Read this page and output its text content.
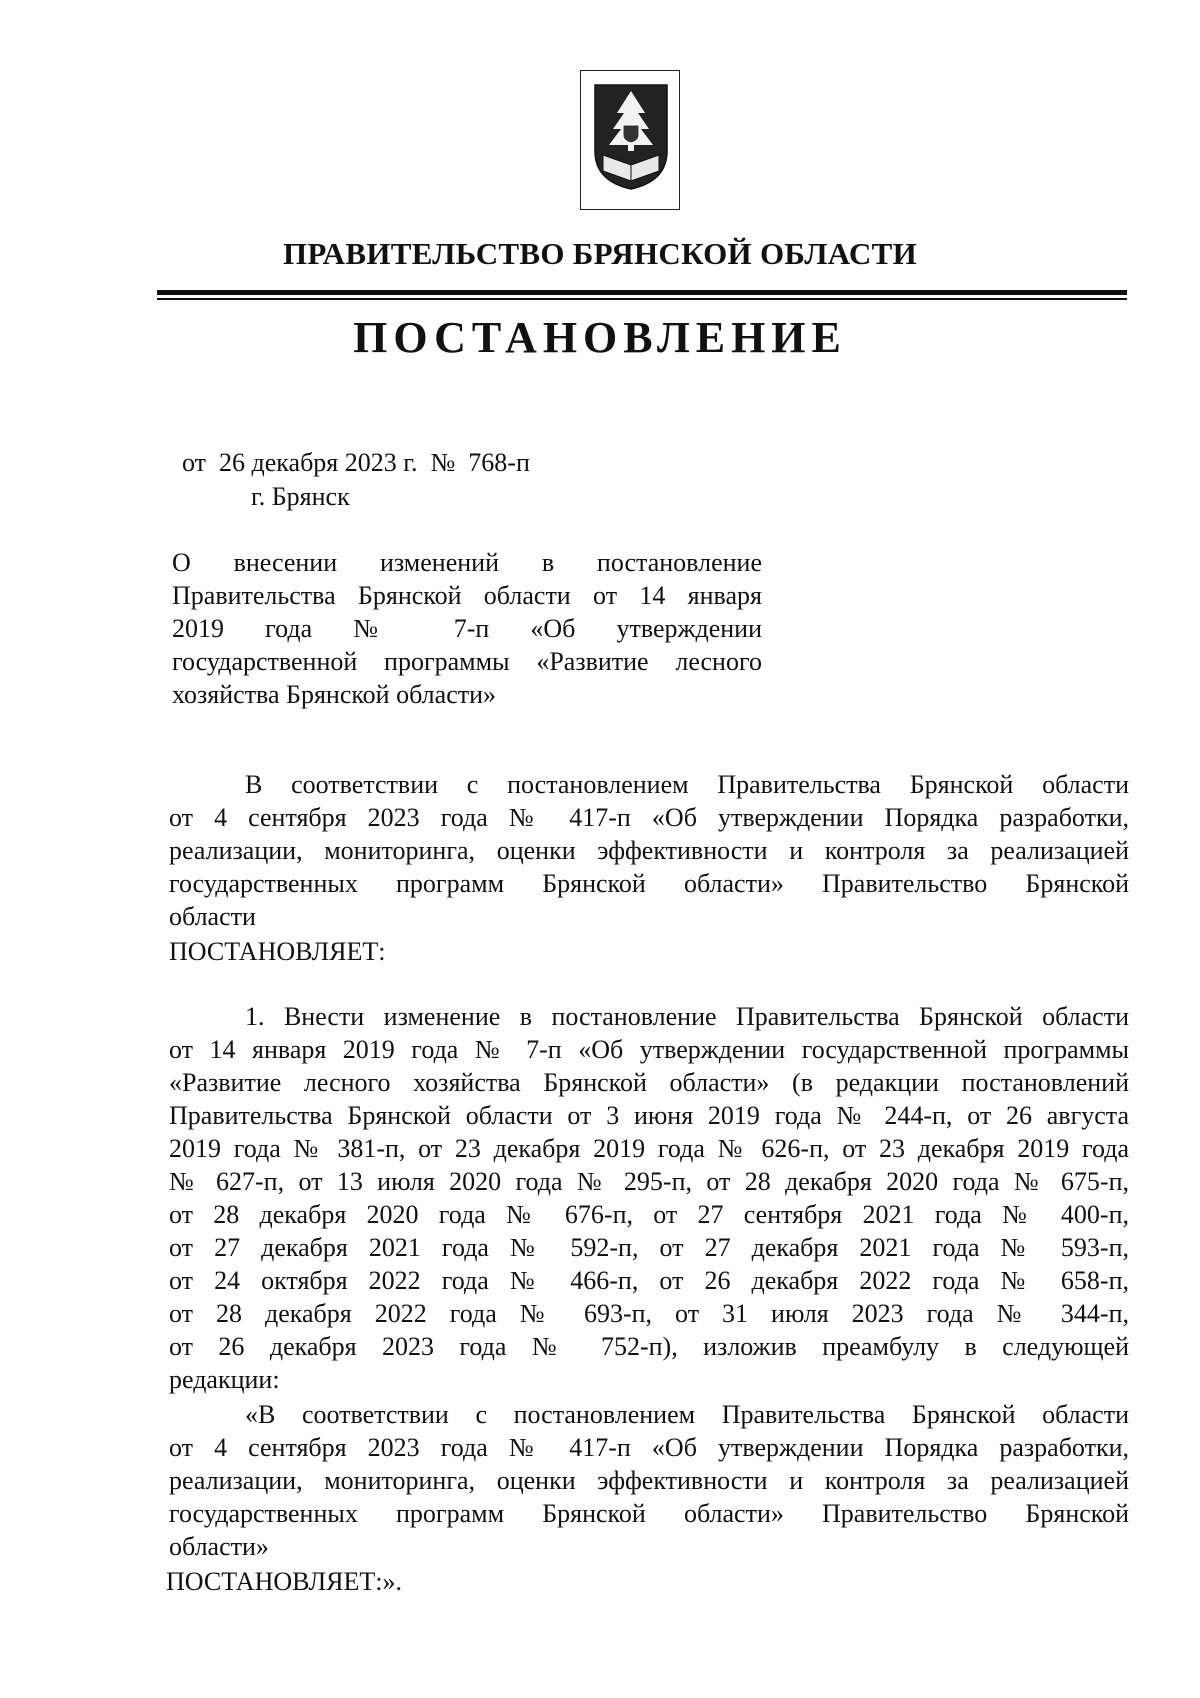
ПРАВИТЕЛЬСТВО БРЯНСКОЙ ОБЛАСТИ
ПОСТАНОВЛЕНИЕ
от  26 декабря 2023 г.  №  768-п
г. Брянск
О внесении изменений в постановление
Правительства Брянской области от 14 января
2019 года № 7-п «Об утверждении
государственной программы «Развитие лесного
хозяйства Брянской области»
В соответствии с постановлением Правительства Брянской области
от 4 сентября 2023 года № 417-п «Об утверждении Порядка разработки,
реализации, мониторинга, оценки эффективности и контроля за реализацией
государственных программ Брянской области» Правительство Брянской
области
ПОСТАНОВЛЯЕТ:
1. Внести изменение в постановление Правительства Брянской области
от 14 января 2019 года № 7-п «Об утверждении государственной программы
«Развитие лесного хозяйства Брянской области» (в редакции постановлений
Правительства Брянской области от 3 июня 2019 года № 244-п, от 26 августа
2019 года № 381-п, от 23 декабря 2019 года № 626-п, от 23 декабря 2019 года
№ 627-п, от 13 июля 2020 года № 295-п, от 28 декабря 2020 года № 675-п,
от 28 декабря 2020 года № 676-п, от 27 сентября 2021 года № 400-п,
от 27 декабря 2021 года № 592-п, от 27 декабря 2021 года № 593-п,
от 24 октября 2022 года № 466-п, от 26 декабря 2022 года № 658-п,
от 28 декабря 2022 года № 693-п, от 31 июля 2023 года № 344-п,
от 26 декабря 2023 года № 752-п), изложив преамбулу в следующей
редакции:
«В соответствии с постановлением Правительства Брянской области
от 4 сентября 2023 года № 417-п «Об утверждении Порядка разработки,
реализации, мониторинга, оценки эффективности и контроля за реализацией
государственных программ Брянской области» Правительство Брянской
области»
ПОСТАНОВЛЯЕТ:».
